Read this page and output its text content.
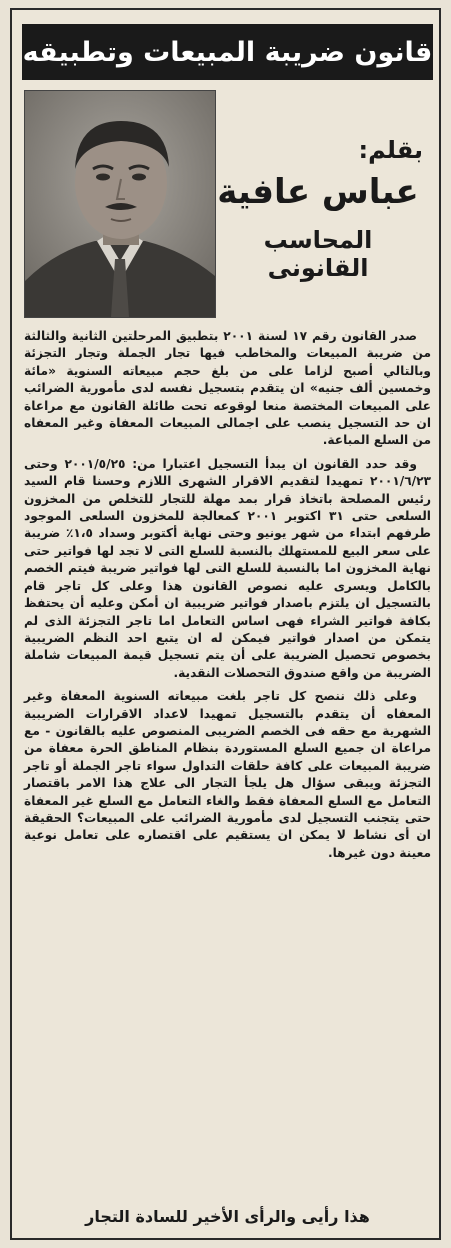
قانون ضريبة المبيعات وتطبيقه
بقلم:
عباس عافية
المحاسب القانونى

صدر القانون رقم ١٧ لسنة ٢٠٠١ بتطبيق المرحلتين الثانية والثالثة من ضريبة المبيعات والمخاطب فيها تجار الجملة وتجار التجزئة وبالتالي أصبح لزاما على من بلغ حجم مبيعاته السنوية «مائة وخمسين ألف جنيه» ان يتقدم بتسجيل نفسه لدى مأمورية الضرائب على المبيعات المختصة منعا لوقوعه تحت طائلة القانون مع مراعاة ان حد التسجيل ينصب على اجمالى المبيعات المعفاة وغير المعفاه من السلع المباعة.

وقد حدد القانون ان يبدأ التسجيل اعتبارا من: ٢٠٠١/٥/٢٥ وحتى ٢٠٠١/٦/٢٣ تمهيدا لتقديم الاقرار الشهرى اللازم وحسنا قام السيد رئيس المصلحة باتخاذ قرار بمد مهلة للتجار للتخلص من المخزون السلعى حتى ٣١ اكتوبر ٢٠٠١ كمعالجة للمخزون السلعى الموجود طرفهم ابتداء من شهر يونيو وحتى نهاية أكتوبر وسداد ١،٥٪ ضريبة على سعر البيع للمستهلك بالنسبة للسلع التى لا تجد لها فواتير حتى نهاية المخزون اما بالنسبة للسلع التى لها فواتير ضريبة فيتم الخصم بالكامل ويسرى عليه نصوص القانون هذا وعلى كل تاجر قام بالتسجيل ان يلتزم باصدار فواتير ضريبية ان أمكن وعليه أن يحتفظ بكافة فواتير الشراء فهى اساس التعامل اما تاجر التجزئة الذى لم يتمكن من اصدار فواتير فيمكن له ان يتبع احد النظم الضريبية بخصوص تحصيل الضريبة على أن يتم تسجيل قيمة المبيعات شاملة الضريبة من واقع صندوق التحصلات النقدية.

وعلى ذلك ننصح كل تاجر بلغت مبيعاته السنوية المعفاة وغير المعفاه أن يتقدم بالتسجيل تمهيدا لاعداد الاقرارات الضريبية الشهرية مع حقه فى الخصم الضريبى المنصوص عليه بالقانون - مع مراعاة ان جميع السلع المستوردة بنظام المناطق الحرة معفاة من ضريبة المبيعات على كافة حلقات التداول سواء تاجر الجملة أو تاجر التجزئة ويبقى سؤال هل يلجأ التجار الى علاج هذا الامر باقتصار التعامل مع السلع المعفاة فقط والغاء التعامل مع السلع غير المعفاة حتى يتجنب التسجيل لدى مأمورية الضرائب على المبيعات؟ الحقيقة ان أى نشاط لا يمكن ان يستقيم على اقتصاره على تعامل نوعية معينة دون غيرها.

هذا رأيى والرأى الأخير للسادة التجار
